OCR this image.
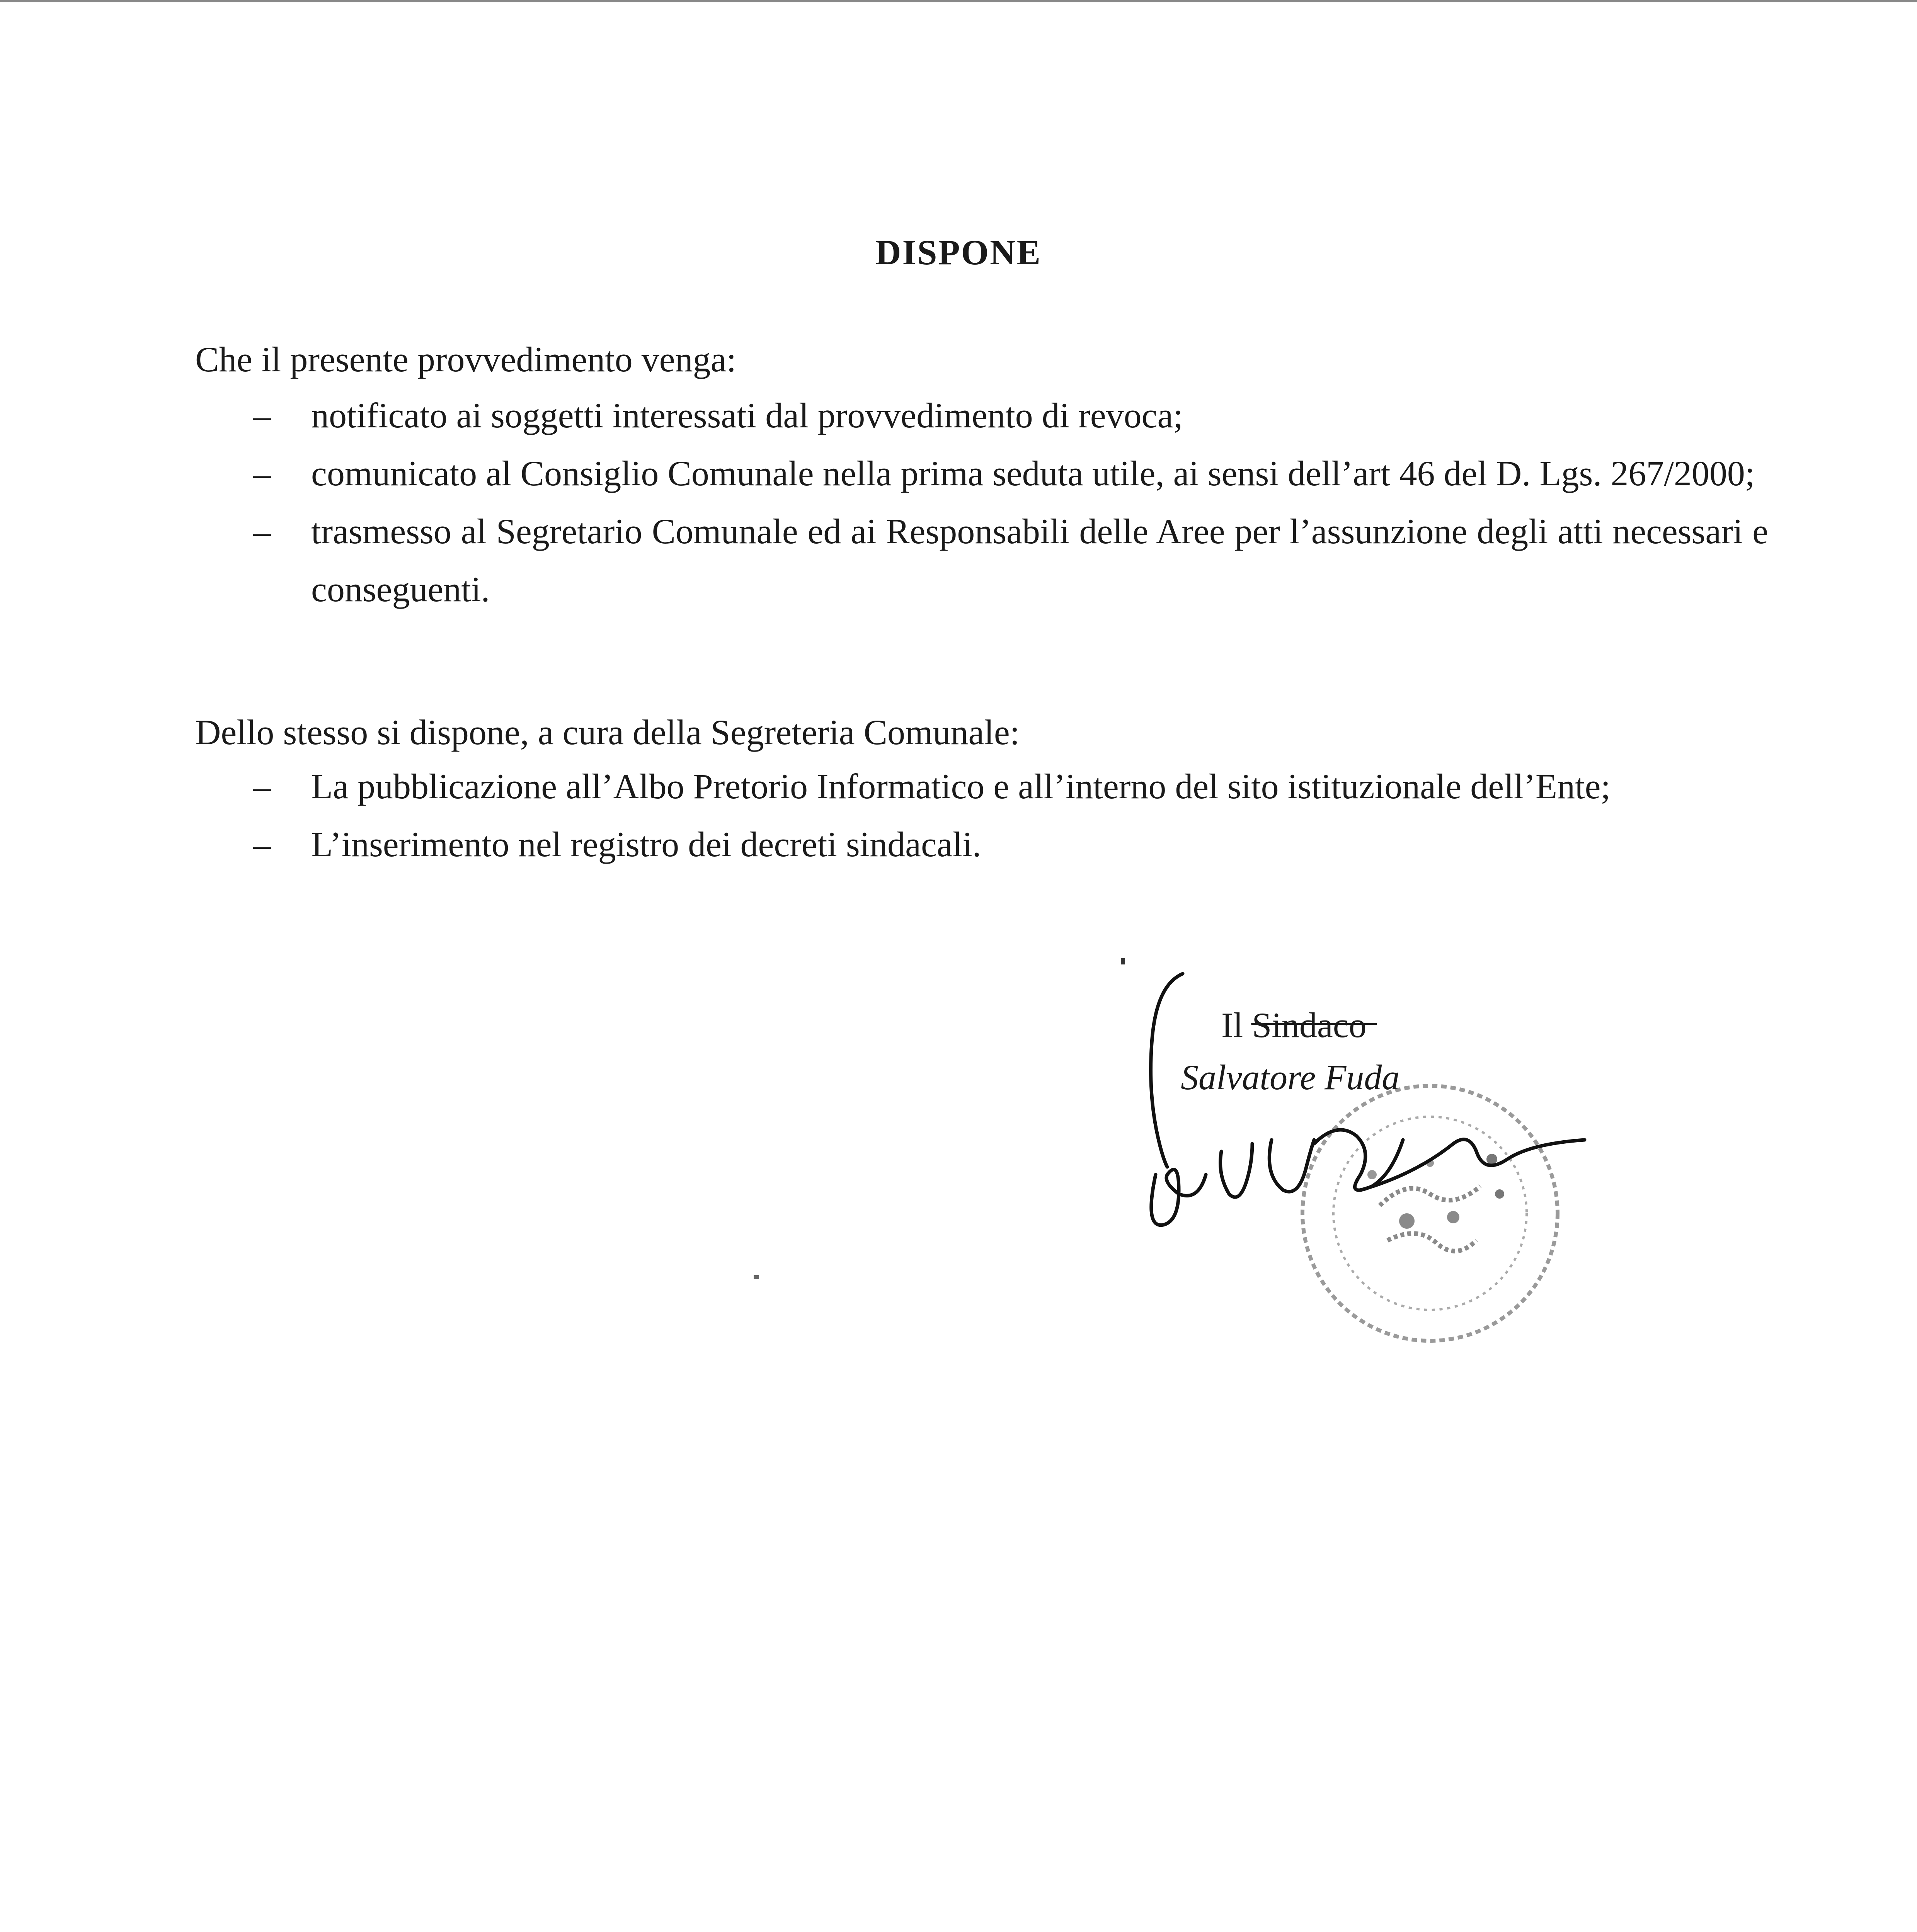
DISPONE
Che il presente provvedimento venga:
– notificato ai soggetti interessati dal provvedimento di revoca;
– comunicato al Consiglio Comunale nella prima seduta utile, ai sensi dell’art 46 del D. Lgs. 267/2000;
– trasmesso al Segretario Comunale ed ai Responsabili delle Aree per l’assunzione degli atti necessari e conseguenti.
Dello stesso si dispone, a cura della Segreteria Comunale:
– La pubblicazione all’Albo Pretorio Informatico e all’interno del sito istituzionale dell’Ente;
– L’inserimento nel registro dei decreti sindacali.
Il Sindaco
Salvatore Fuda
